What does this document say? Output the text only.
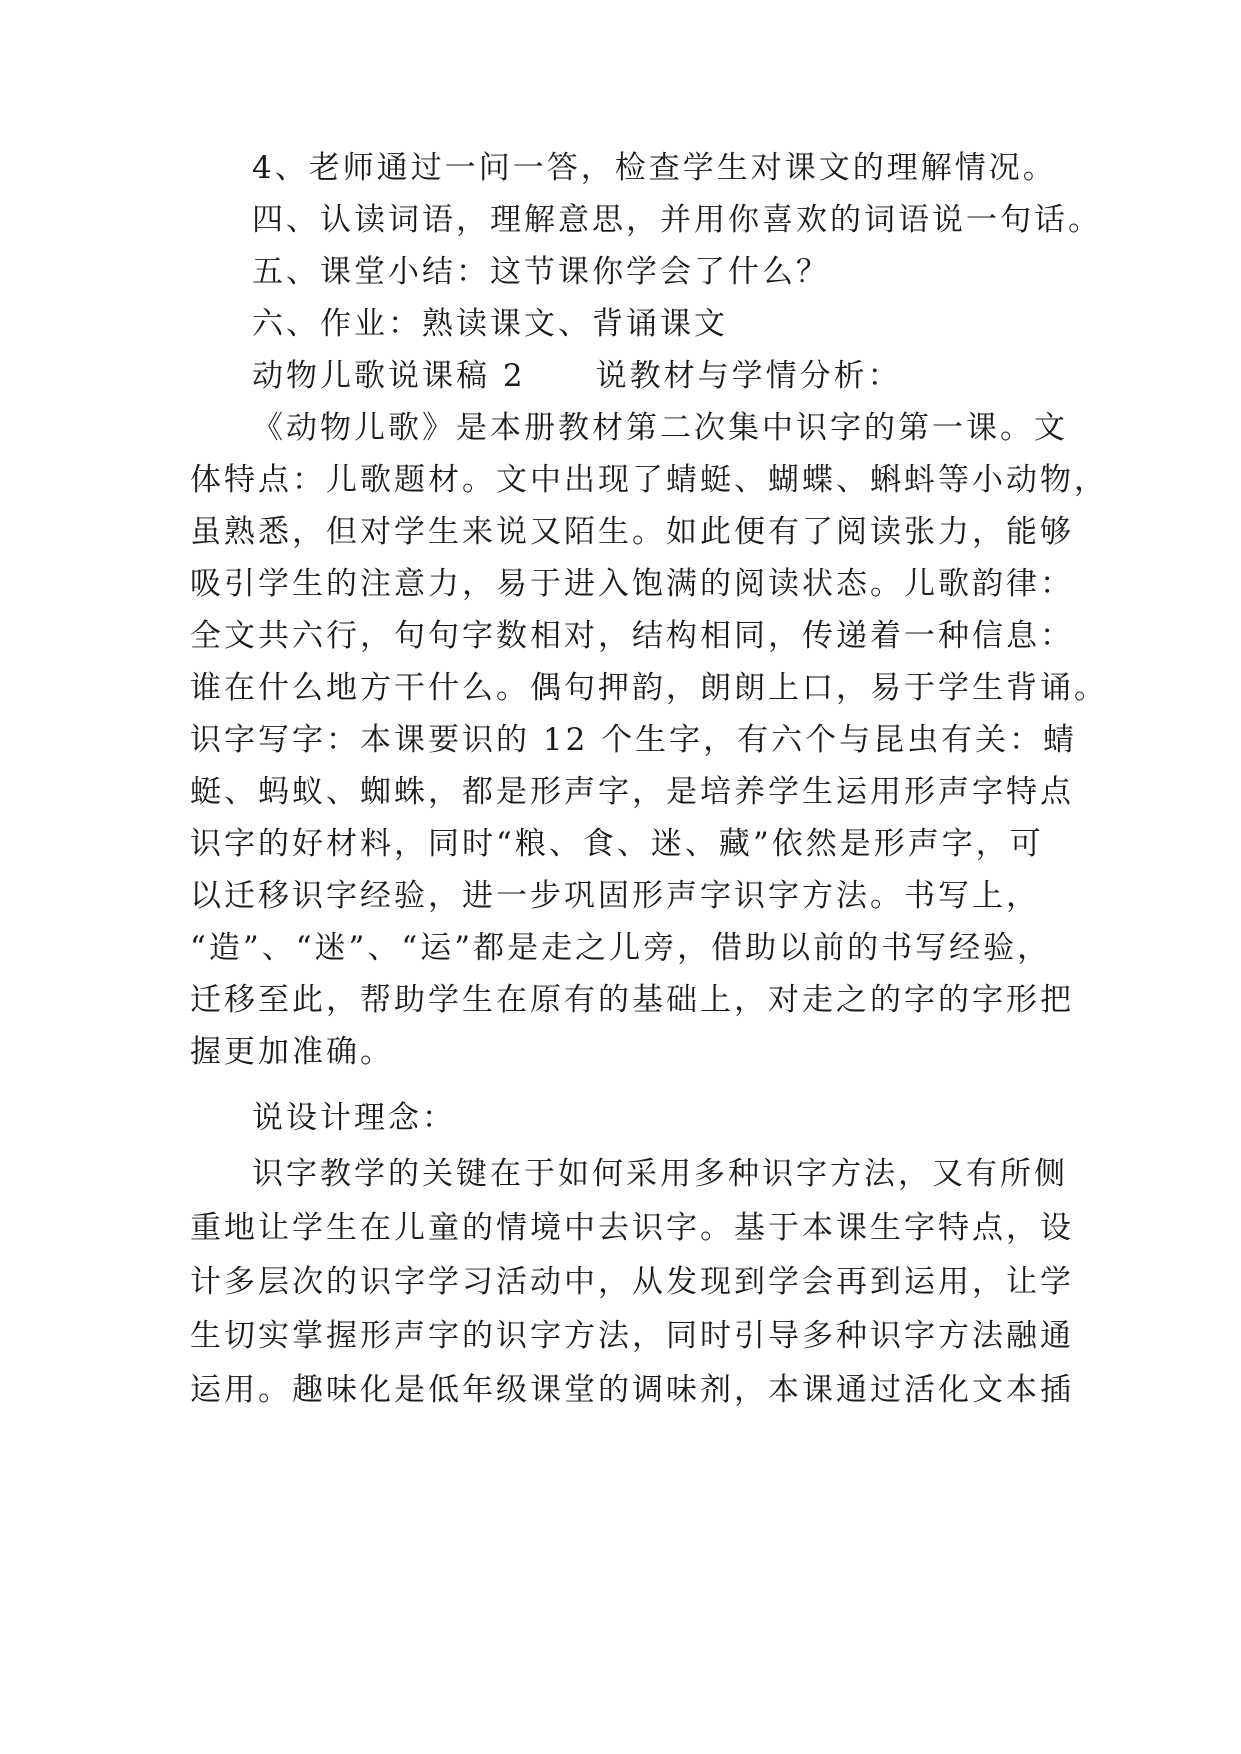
4、老师通过一问一答，检查学生对课文的理解情况。
四、认读词语，理解意思，并用你喜欢的词语说一句话。
五、课堂小结：这节课你学会了什么？
六、作业：熟读课文、背诵课文
动物儿歌说课稿 2 说教材与学情分析：
《动物儿歌》是本册教材第二次集中识字的第一课。文
体特点：儿歌题材。文中出现了蜻蜓、蝴蝶、蝌蚪等小动物，
虽熟悉，但对学生来说又陌生。如此便有了阅读张力，能够
吸引学生的注意力，易于进入饱满的阅读状态。儿歌韵律：
全文共六行，句句字数相对，结构相同，传递着一种信息：
谁在什么地方干什么。偶句押韵，朗朗上口，易于学生背诵。
识字写字：本课要识的 12 个生字，有六个与昆虫有关：蜻
蜓、蚂蚁、蜘蛛，都是形声字，是培养学生运用形声字特点
识字的好材料，同时“粮、食、迷、藏”依然是形声字，可
以迁移识字经验，进一步巩固形声字识字方法。书写上，
“造”、“迷”、“运”都是走之儿旁，借助以前的书写经验，
迁移至此，帮助学生在原有的基础上，对走之的字的字形把
握更加准确。
说设计理念：
识字教学的关键在于如何采用多种识字方法，又有所侧
重地让学生在儿童的情境中去识字。基于本课生字特点，设
计多层次的识字学习活动中，从发现到学会再到运用，让学
生切实掌握形声字的识字方法，同时引导多种识字方法融通
运用。趣味化是低年级课堂的调味剂，本课通过活化文本插
